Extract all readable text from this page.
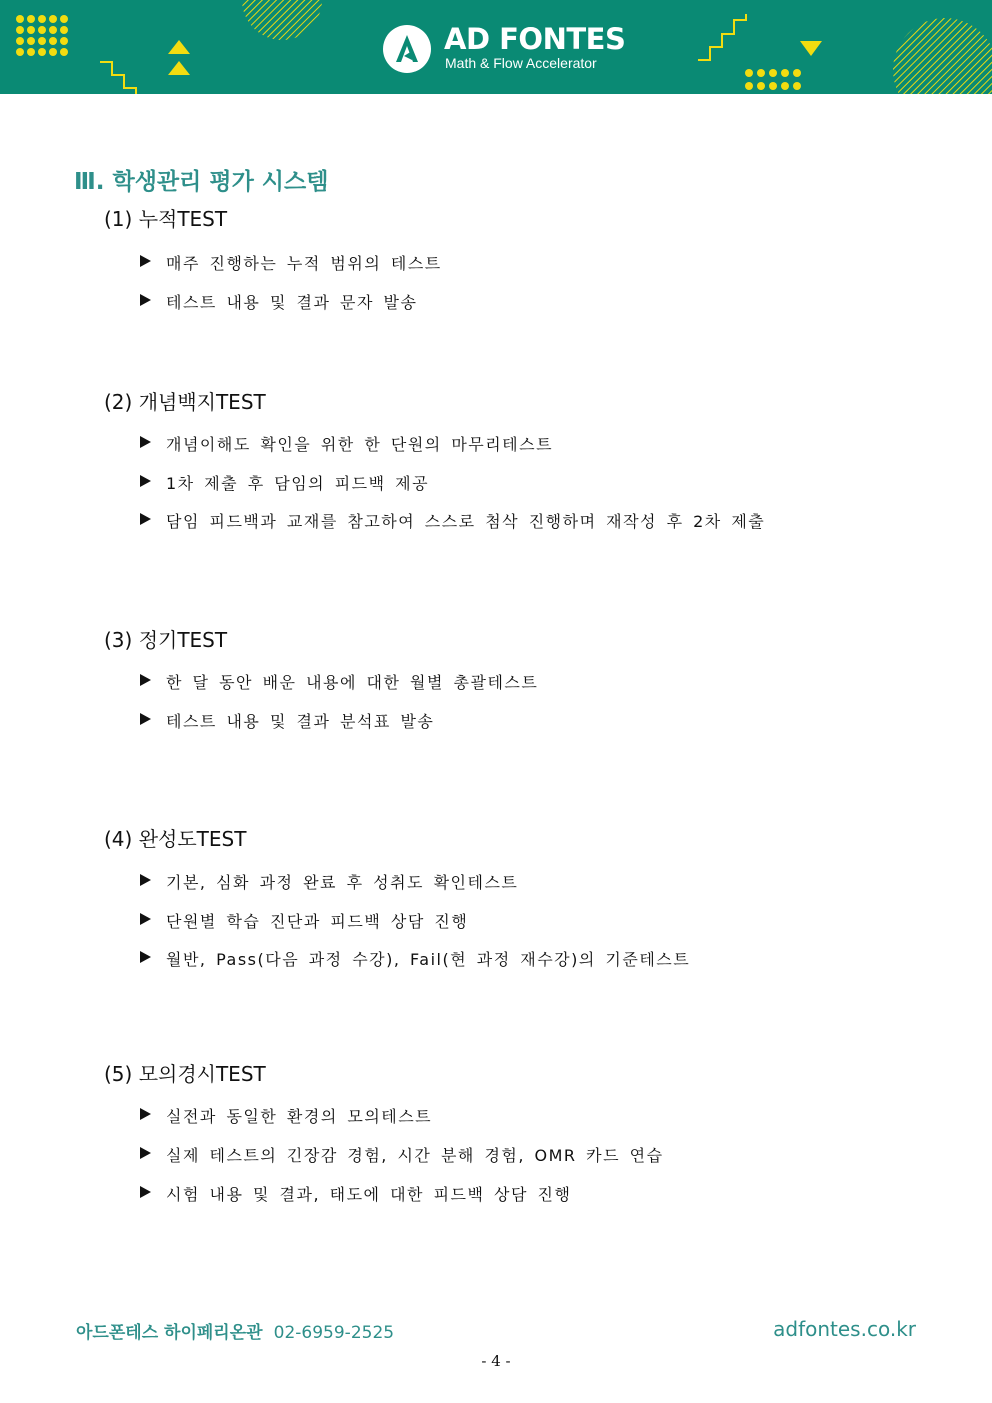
AD FONTES
Math & Flow Accelerator
Ⅲ. 학생관리 평가 시스템
(1) 누적TEST
매주 진행하는 누적 범위의 테스트
테스트 내용 및 결과 문자 발송
(2) 개념백지TEST
개념이해도 확인을 위한 한 단원의 마무리테스트
1차 제출 후 담임의 피드백 제공
담임 피드백과 교재를 참고하여 스스로 첨삭 진행하며 재작성 후 2차 제출
(3) 정기TEST
한 달 동안 배운 내용에 대한 월별 총괄테스트
테스트 내용 및 결과 분석표 발송
(4) 완성도TEST
기본, 심화 과정 완료 후 성취도 확인테스트
단원별 학습 진단과 피드백 상담 진행
월반, Pass(다음 과정 수강), Fail(현 과정 재수강)의 기준테스트
(5) 모의경시TEST
실전과 동일한 환경의 모의테스트
실제 테스트의 긴장감 경험, 시간 분해 경험, OMR 카드 연습
시험 내용 및 결과, 태도에 대한 피드백 상담 진행
아드폰테스 하이페리온관 02-6959-2525	adfontes.co.kr
- 4 -
